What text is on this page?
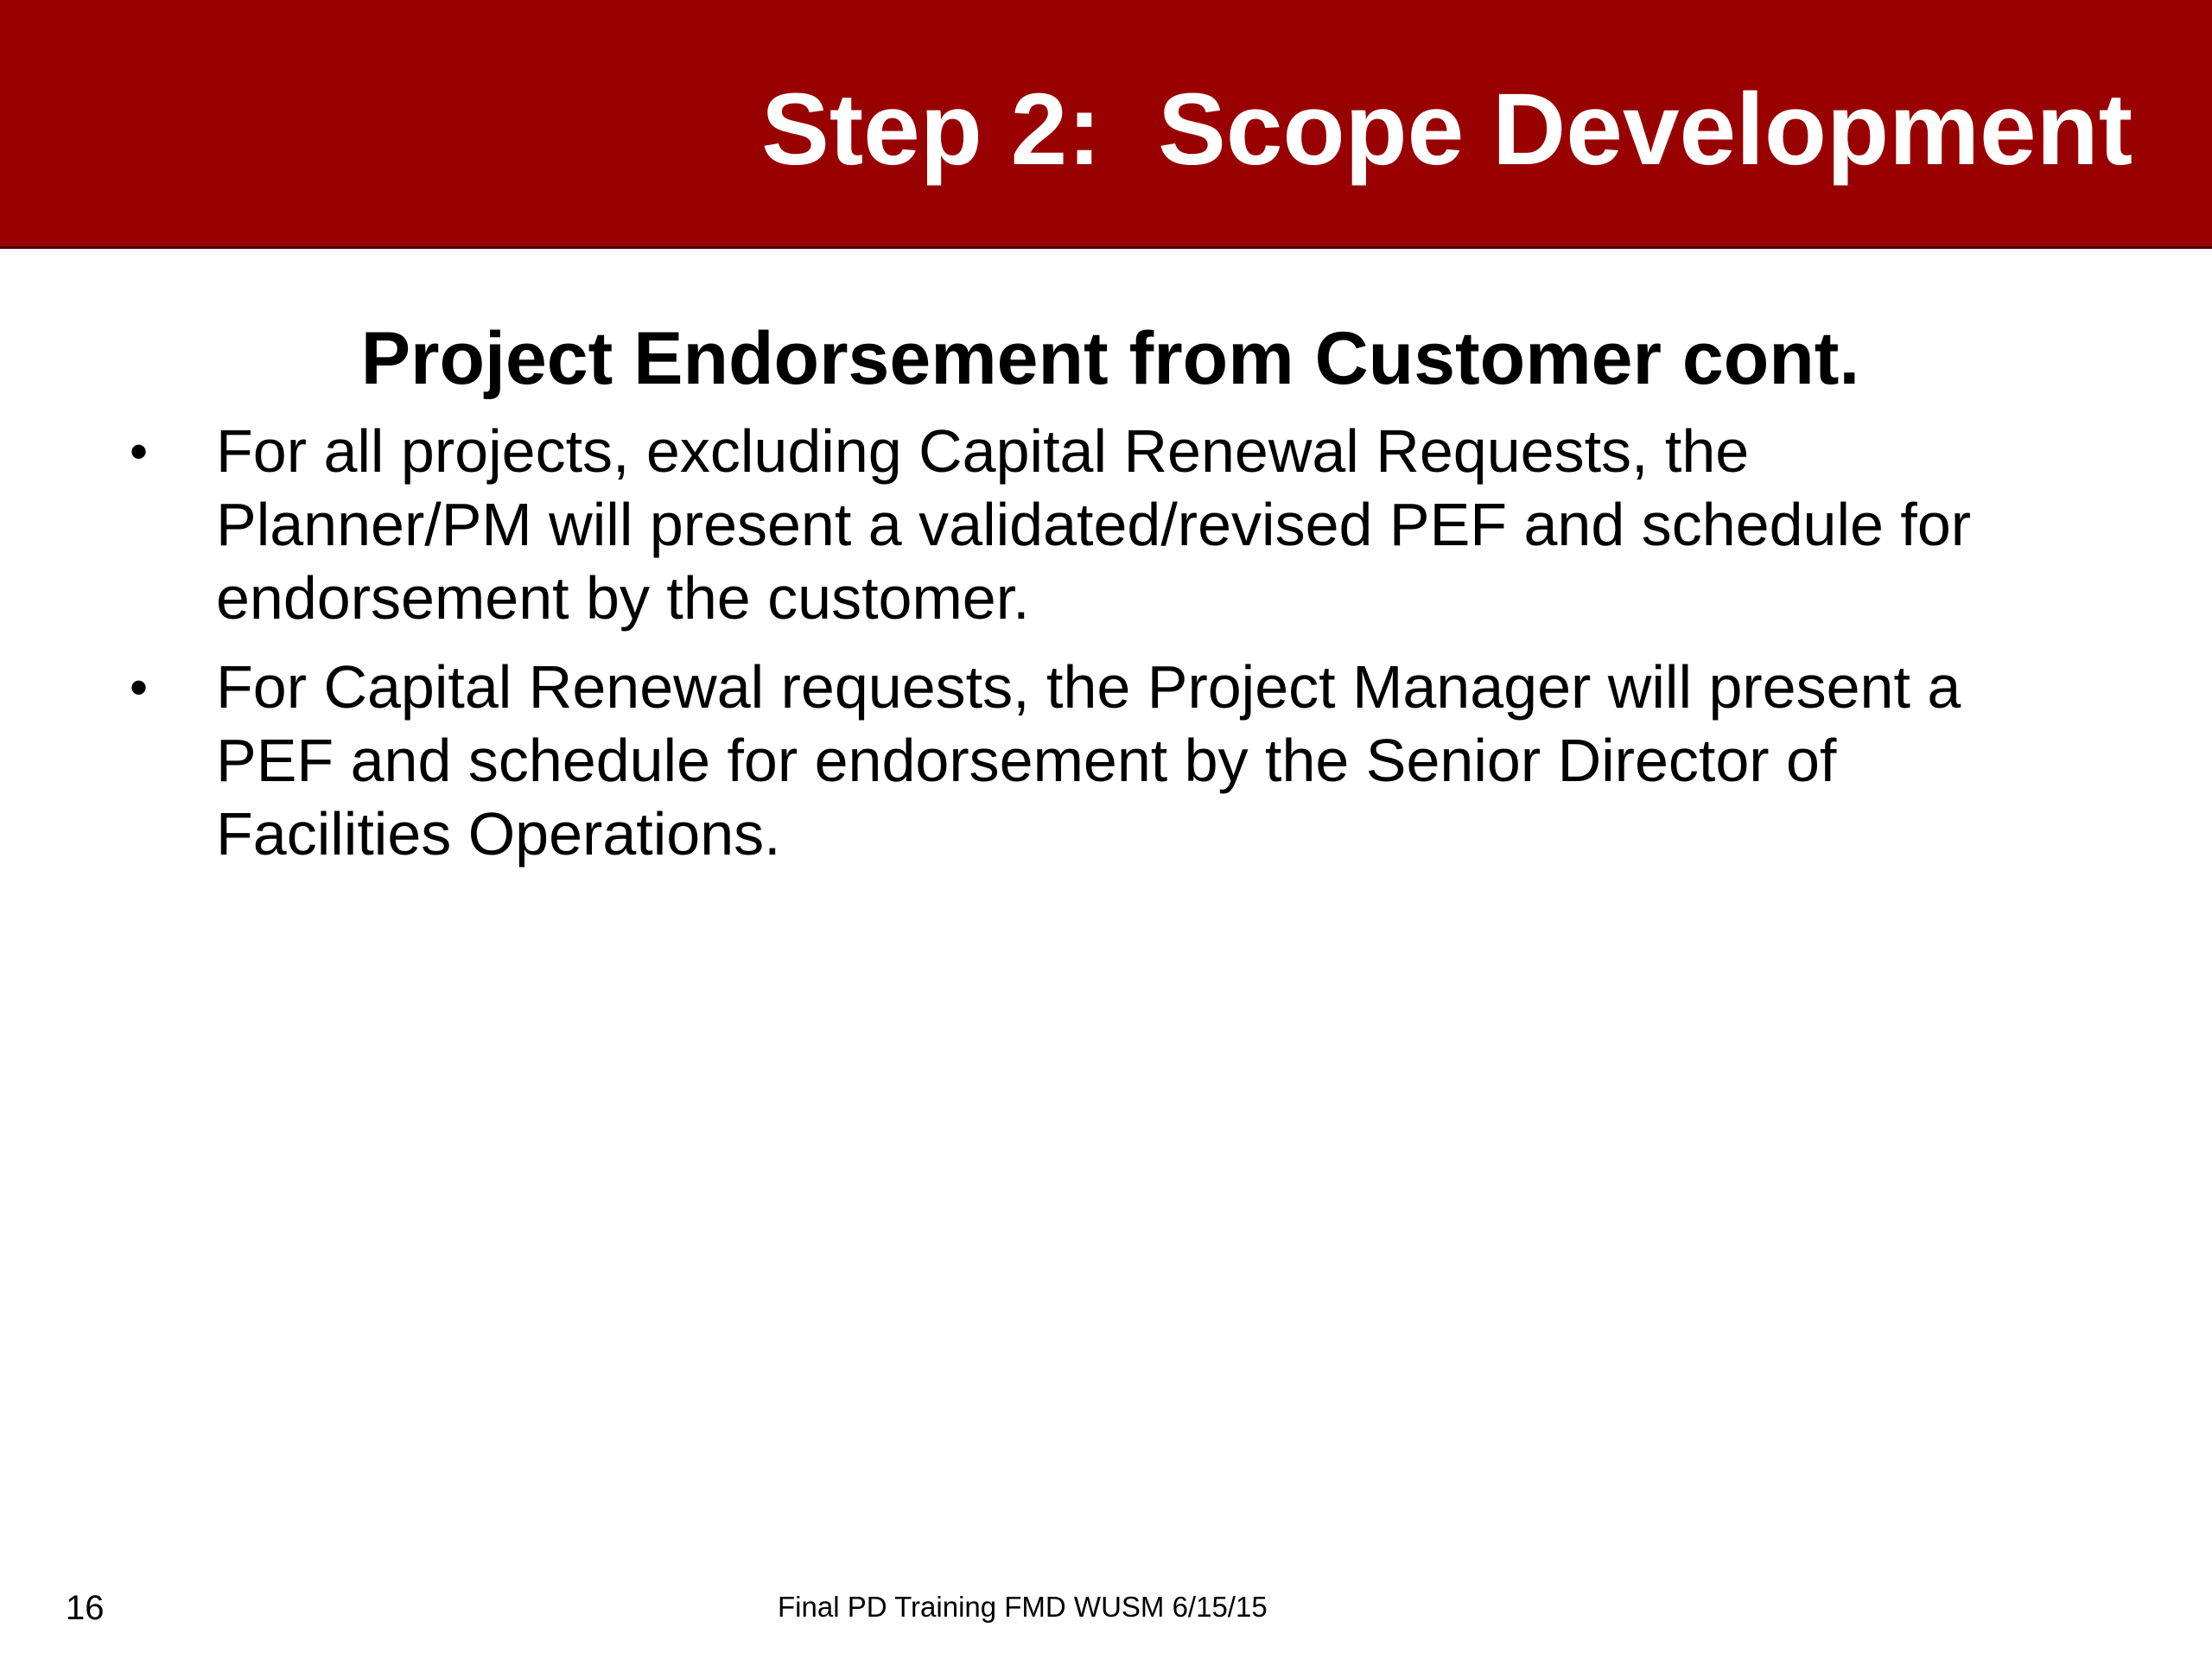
Step 2:  Scope Development
Project Endorsement from Customer cont.
• For all projects, excluding Capital Renewal Requests, the Planner/PM will present a validated/revised PEF and schedule for endorsement by the customer.
• For Capital Renewal requests, the Project Manager will present a PEF and schedule for endorsement by the Senior Director of Facilities Operations.
16	Final PD Training FMD WUSM 6/15/15
